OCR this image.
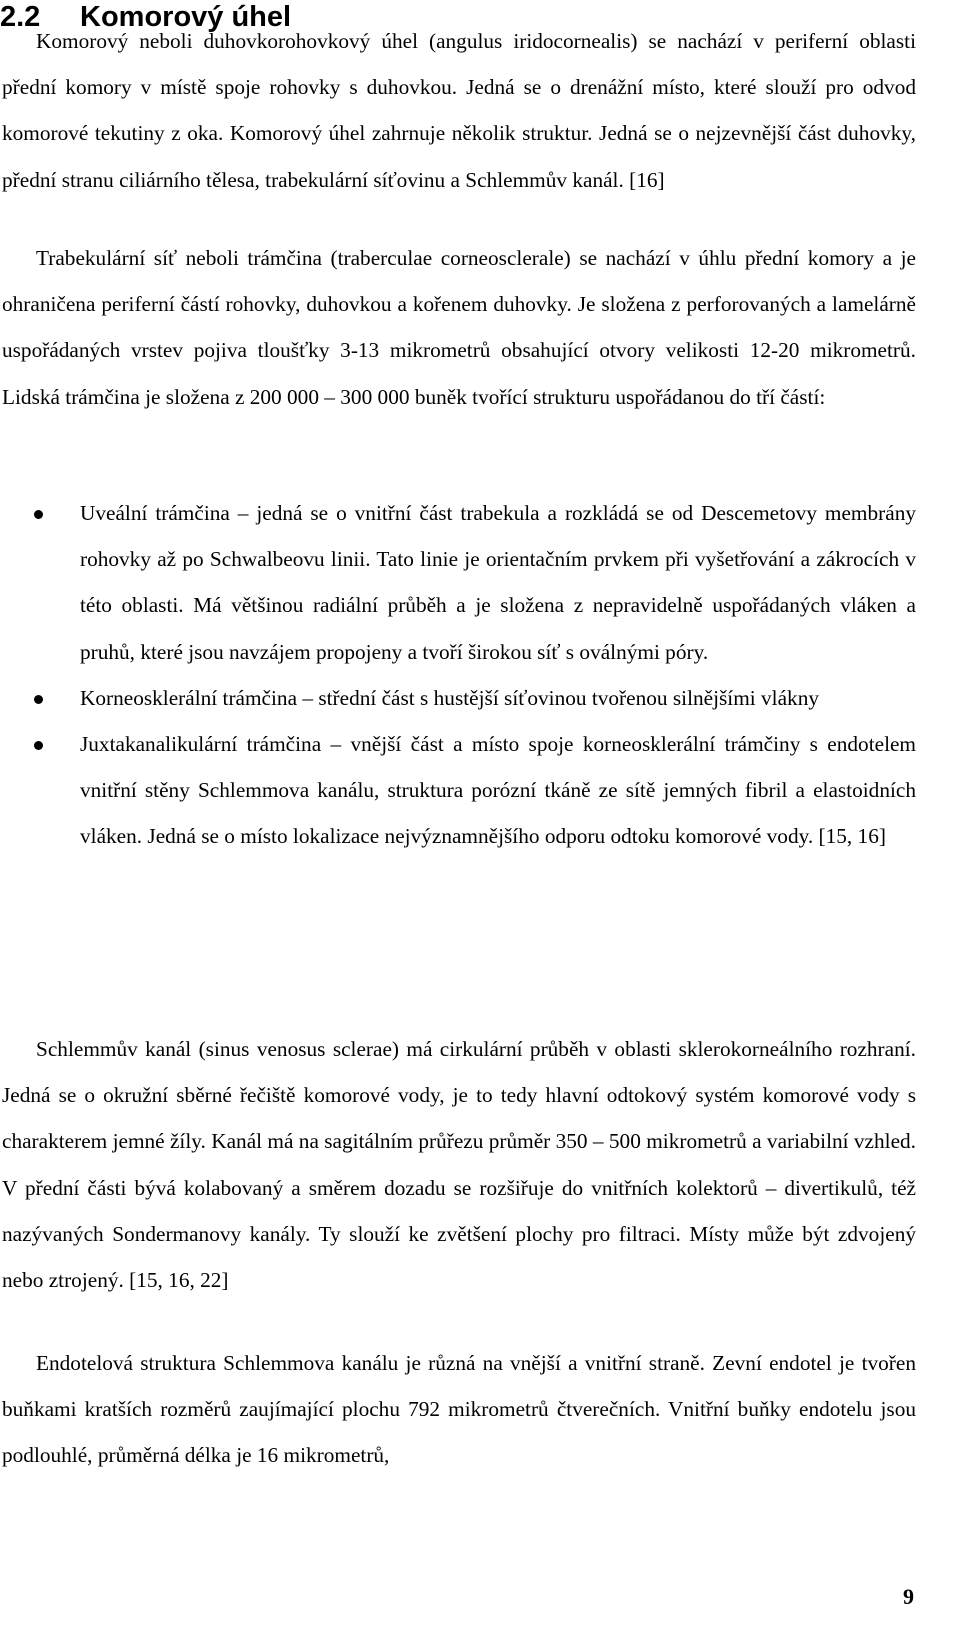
2.2 Komorový úhel

Komorový neboli duhovkorohovkový úhel (angulus iridocornealis) se nachází v periferní oblasti přední komory v místě spoje rohovky s duhovkou. Jedná se o drenážní místo, které slouží pro odvod komorové tekutiny z oka. Komorový úhel zahrnuje několik struktur. Jedná se o nejzevnější část duhovky, přední stranu ciliárního tělesa, trabekulární síťovinu a Schlemmův kanál. [16]

Trabekulární síť neboli trámčina (traberculae corneosclerale) se nachází v úhlu přední komory a je ohraničena periferní částí rohovky, duhovkou a kořenem duhovky. Je složena z perforovaných a lamelárně uspořádaných vrstev pojiva tloušťky 3-13 mikrometrů obsahující otvory velikosti 12-20 mikrometrů. Lidská trámčina je složena z 200 000 – 300 000 buněk tvořící strukturu uspořádanou do tří částí:

Uveální trámčina – jedná se o vnitřní část trabekula a rozkládá se od Descemetovy membrány rohovky až po Schwalbeovu linii. Tato linie je orientačním prvkem při vyšetřování a zákrocích v této oblasti. Má většinou radiální průběh a je složena z nepravidelně uspořádaných vláken a pruhů, které jsou navzájem propojeny a tvoří širokou síť s oválnými póry.
Korneosklerální trámčina – střední část s hustější síťovinou tvořenou silnějšími vlákny
Juxtakanalikulární trámčina – vnější část a místo spoje korneosklerální trámčiny s endotelem vnitřní stěny Schlemmova kanálu, struktura porózní tkáně ze sítě jemných fibril a elastoidních vláken. Jedná se o místo lokalizace nejvýznamnějšího odporu odtoku komorové vody. [15, 16]

Schlemmův kanál (sinus venosus sclerae) má cirkulární průběh v oblasti sklerokorneálního rozhraní. Jedná se o okružní sběrné řečiště komorové vody, je to tedy hlavní odtokový systém komorové vody s charakterem jemné žíly. Kanál má na sagitálním průřezu průměr 350 – 500 mikrometrů a variabilní vzhled. V přední části bývá kolabovaný a směrem dozadu se rozšiřuje do vnitřních kolektorů – divertikulů, též nazývaných Sondermanovy kanály. Ty slouží ke zvětšení plochy pro filtraci. Místy může být zdvojený nebo ztrojený. [15, 16, 22]

Endotelová struktura Schlemmova kanálu je různá na vnější a vnitřní straně. Zevní endotel je tvořen buňkami kratších rozměrů zaujímající plochu 792 mikrometrů čtverečních. Vnitřní buňky endotelu jsou podlouhlé, průměrná délka je 16 mikrometrů,

9
